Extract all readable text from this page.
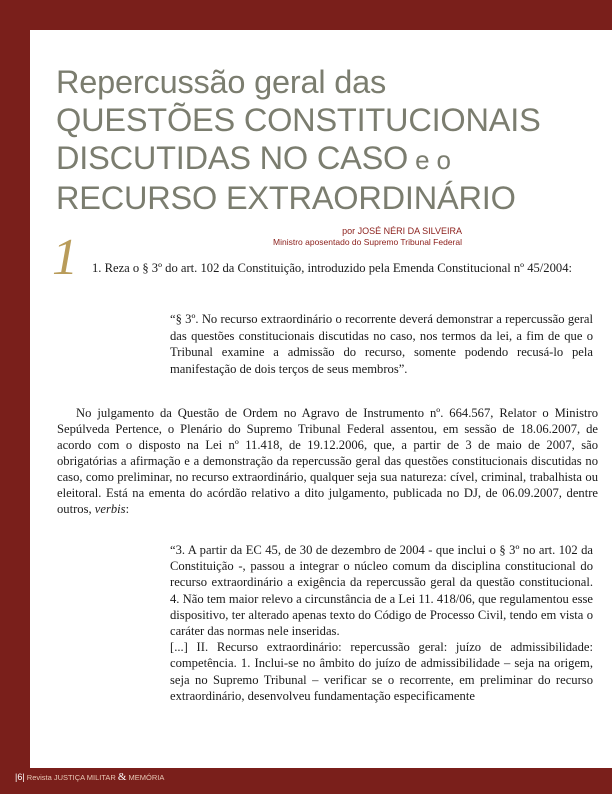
Repercussão geral das
QUESTÕES CONSTITUCIONAIS
DISCUTIDAS NO CASO e o
RECURSO EXTRAORDINÁRIO
por JOSÉ NÉRI DA SILVEIRA
Ministro aposentado do Supremo Tribunal Federal
1	1. Reza o § 3º do art. 102 da Constituição, introduzido pela Emenda Constitucional nº 45/2004:

“§ 3º. No recurso extraordinário o recorrente deverá demonstrar a repercussão geral das questões constitucionais discutidas no caso, nos termos da lei, a fim de que o Tribunal examine a admissão do recurso, somente podendo recusá-lo pela manifestação de dois terços de seus membros”.

No julgamento da Questão de Ordem no Agravo de Instrumento nº. 664.567, Relator o Ministro Sepúlveda Pertence, o Plenário do Supremo Tribunal Federal assentou, em sessão de 18.06.2007, de acordo com o disposto na Lei nº 11.418, de 19.12.2006, que, a partir de 3 de maio de 2007, são obrigatórias a afirmação e a demonstração da repercussão geral das questões constitucionais discutidas no caso, como preliminar, no recurso extraordinário, qualquer seja sua natureza: cível, criminal, trabalhista ou eleitoral. Está na ementa do acórdão relativo a dito julgamento, publicada no DJ, de 06.09.2007, dentre outros, verbis:

“3. A partir da EC 45, de 30 de dezembro de 2004 - que inclui o § 3º no art. 102 da Constituição -, passou a integrar o núcleo comum da disciplina constitucional do recurso extraordinário a exigência da repercussão geral da questão constitucional. 4. Não tem maior relevo a circunstância de a Lei 11. 418/06, que regulamentou esse dispositivo, ter alterado apenas texto do Código de Processo Civil, tendo em vista o caráter das normas nele inseridas.

[...] II. Recurso extraordinário: repercussão geral: juízo de admissibilidade: competência. 1. Inclui-se no âmbito do juízo de admissibilidade – seja na origem, seja no Supremo Tribunal – verificar se o recorrente, em preliminar do recurso extraordinário, desenvolveu fundamentação especificamente

|6| Revista JUSTIÇA MILITAR & MEMÓRIA
